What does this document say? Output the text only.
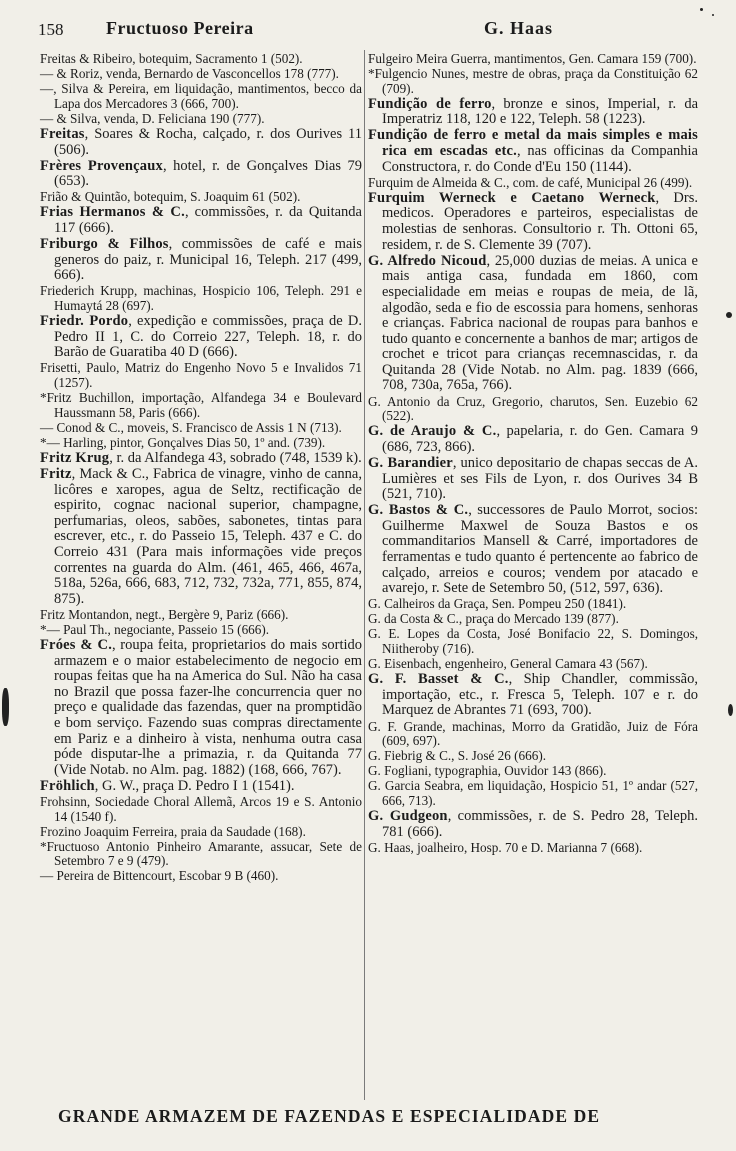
158 Fructuoso Pereira	G. Haas

Freitas & Ribeiro, botequim, Sacramento 1 (502).

— & Roriz, venda, Bernardo de Vasconcellos 178 (777).

—, Silva & Pereira, em liquidação, mantimentos, becco da Lapa dos Mercadores 3 (666, 700).

— & Silva, venda, D. Feliciana 190 (777).

Freitas, Soares & Rocha, calçado, r. dos Ourives 11 (506).

Frères Provençaux, hotel, r. de Gonçalves Dias 79 (653).

Frião & Quintão, botequim, S. Joaquim 61 (502).

Frias Hermanos & C., commissões, r. da Quitanda 117 (666).

Friburgo & Filhos, commissões de café e mais generos do paiz, r. Municipal 16, Teleph. 217 (499, 666).

Friederich Krupp, machinas, Hospicio 106, Teleph. 291 e Humaytá 28 (697).

Friedr. Pordo, expedição e commissões, praça de D. Pedro II 1, C. do Correio 227, Teleph. 18, r. do Barão de Guaratiba 40 D (666).

Frisetti, Paulo, Matriz do Engenho Novo 5 e Invalidos 71 (1257).

*Fritz Buchillon, importação, Alfandega 34 e Boulevard Haussmann 58, Paris (666).

— Conod & C., moveis, S. Francisco de Assis 1 N (713).

*— Harling, pintor, Gonçalves Dias 50, 1º and. (739).

Fritz Krug, r. da Alfandega 43, sobrado (748, 1539 k).

Fritz, Mack & C., Fabrica de vinagre, vinho de canna, licôres e xaropes, agua de Seltz, rectificação de espirito, cognac nacional superior, champagne, perfumarias, oleos, sabões, sabonetes, tintas para escrever, etc., r. do Passeio 15, Teleph. 437 e C. do Correio 431 (Para mais informações vide preços correntes na guarda do Alm. (461, 465, 466, 467a, 518a, 526a, 666, 683, 712, 732, 732a, 771, 855, 874, 875).

Fritz Montandon, negt., Bergère 9, Pariz (666).

*— Paul Th., negociante, Passeio 15 (666).

Fróes & C., roupa feita, proprietarios do mais sortido armazem e o maior estabelecimento de negocio em roupas feitas que ha na America do Sul. Não ha casa no Brazil que possa fazer-lhe concurrencia quer no preço e qualidade das fazendas, quer na promptidão e bom serviço. Fazendo suas compras directamente em Pariz e a dinheiro à vista, nenhuma outra casa póde disputar-lhe a primazia, r. da Quitanda 77 (Vide Notab. no Alm. pag. 1882) (168, 666, 767).

Fröhlich, G. W., praça D. Pedro I 1 (1541).

Frohsinn, Sociedade Choral Allemã, Arcos 19 e S. Antonio 14 (1540 f).

Frozino Joaquim Ferreira, praia da Saudade (168).

*Fructuoso Antonio Pinheiro Amarante, assucar, Sete de Setembro 7 e 9 (479).

— Pereira de Bittencourt, Escobar 9 B (460).

Fulgeiro Meira Guerra, mantimentos, Gen. Camara 159 (700).

*Fulgencio Nunes, mestre de obras, praça da Constituição 62 (709).

Fundição de ferro, bronze e sinos, Imperial, r. da Imperatriz 118, 120 e 122, Teleph. 58 (1223).

Fundição de ferro e metal da mais simples e mais rica em escadas etc., nas officinas da Companhia Constructora, r. do Conde d'Eu 150 (1144).

Furquim de Almeida & C., com. de café, Municipal 26 (499).

Furquim Werneck e Caetano Werneck, Drs. medicos. Operadores e parteiros, especialistas de molestias de senhoras. Consultorio r. Th. Ottoni 65, residem, r. de S. Clemente 39 (707).

G. Alfredo Nicoud, 25,000 duzias de meias. A unica e mais antiga casa, fundada em 1860, com especialidade em meias e roupas de meia, de lã, algodão, seda e fio de escossia para homens, senhoras e crianças. Fabrica nacional de roupas para banhos e tudo quanto e concernente a banhos de mar; artigos de crochet e tricot para crianças recemnascidas, r. da Quitanda 28 (Vide Notab. no Alm. pag. 1839 (666, 708, 730a, 765a, 766).

G. Antonio da Cruz, Gregorio, charutos, Sen. Euzebio 62 (522).

G. de Araujo & C., papelaria, r. do Gen. Camara 9 (686, 723, 866).

G. Barandier, unico depositario de chapas seccas de A. Lumières et ses Fils de Lyon, r. dos Ourives 34 B (521, 710).

G. Bastos & C., successores de Paulo Morrot, socios: Guilherme Maxwel de Souza Bastos e os commanditarios Mansell & Carré, importadores de ferramentas e tudo quanto é pertencente ao fabrico de calçado, arreios e couros; vendem por atacado e avarejo, r. Sete de Setembro 50, (512, 597, 636).

G. Calheiros da Graça, Sen. Pompeu 250 (1841).

G. da Costa & C., praça do Mercado 139 (877).

G. E. Lopes da Costa, José Bonifacio 22, S. Domingos, Niitheroby (716).

G. Eisenbach, engenheiro, General Camara 43 (567).

G. F. Basset & C., Ship Chandler, commissão, importação, etc., r. Fresca 5, Teleph. 107 e r. do Marquez de Abrantes 71 (693, 700).

G. F. Grande, machinas, Morro da Gratidão, Juiz de Fóra (609, 697).

G. Fiebrig & C., S. José 26 (666).

G. Fogliani, typographia, Ouvidor 143 (866).

G. Garcia Seabra, em liquidação, Hospicio 51, 1º andar (527, 666, 713).

G. Gudgeon, commissões, r. de S. Pedro 28, Teleph. 781 (666).

G. Haas, joalheiro, Hosp. 70 e D. Marianna 7 (668).

GRANDE ARMAZEM DE FAZENDAS E ESPECIALIDADE DE
